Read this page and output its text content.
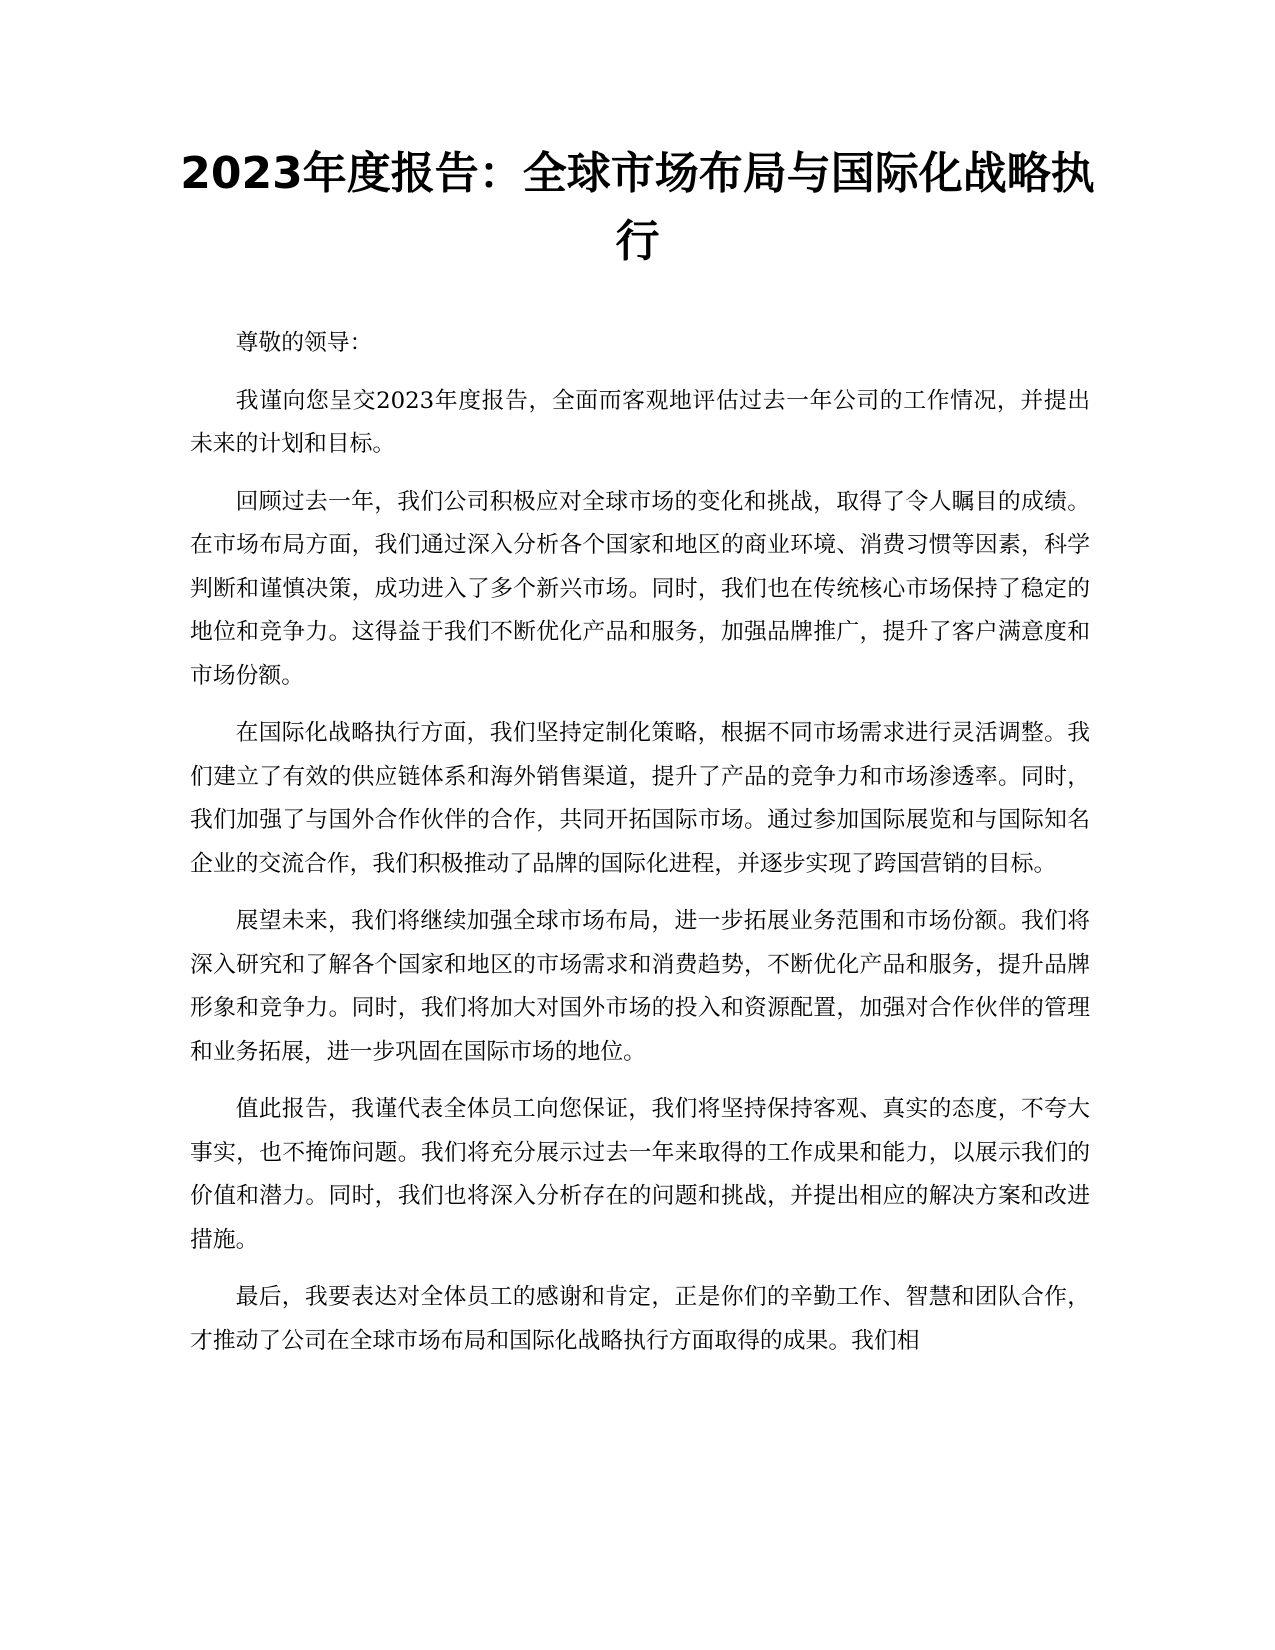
2023年度报告：全球市场布局与国际化战略执行

尊敬的领导：

我谨向您呈交2023年度报告，全面而客观地评估过去一年公司的工作情况，并提出未来的计划和目标。

回顾过去一年，我们公司积极应对全球市场的变化和挑战，取得了令人瞩目的成绩。在市场布局方面，我们通过深入分析各个国家和地区的商业环境、消费习惯等因素，科学判断和谨慎决策，成功进入了多个新兴市场。同时，我们也在传统核心市场保持了稳定的地位和竞争力。这得益于我们不断优化产品和服务，加强品牌推广，提升了客户满意度和市场份额。

在国际化战略执行方面，我们坚持定制化策略，根据不同市场需求进行灵活调整。我们建立了有效的供应链体系和海外销售渠道，提升了产品的竞争力和市场渗透率。同时，我们加强了与国外合作伙伴的合作，共同开拓国际市场。通过参加国际展览和与国际知名企业的交流合作，我们积极推动了品牌的国际化进程，并逐步实现了跨国营销的目标。

展望未来，我们将继续加强全球市场布局，进一步拓展业务范围和市场份额。我们将深入研究和了解各个国家和地区的市场需求和消费趋势，不断优化产品和服务，提升品牌形象和竞争力。同时，我们将加大对国外市场的投入和资源配置，加强对合作伙伴的管理和业务拓展，进一步巩固在国际市场的地位。

值此报告，我谨代表全体员工向您保证，我们将坚持保持客观、真实的态度，不夸大事实，也不掩饰问题。我们将充分展示过去一年来取得的工作成果和能力，以展示我们的价值和潜力。同时，我们也将深入分析存在的问题和挑战，并提出相应的解决方案和改进措施。

最后，我要表达对全体员工的感谢和肯定，正是你们的辛勤工作、智慧和团队合作，才推动了公司在全球市场布局和国际化战略执行方面取得的成果。我们相
